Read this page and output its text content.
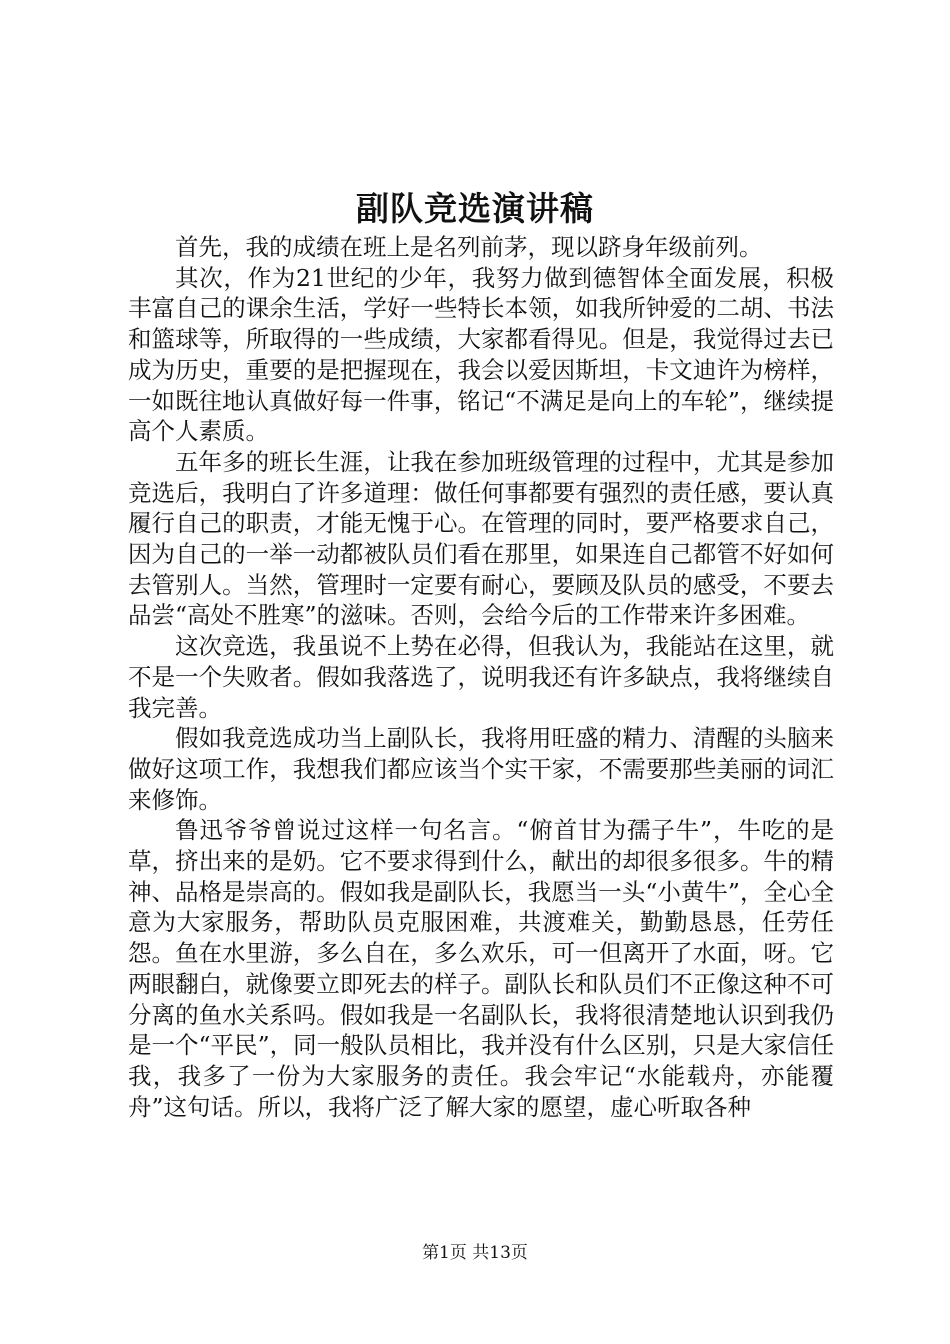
副队竞选演讲稿

首先，我的成绩在班上是名列前茅，现以跻身年级前列。

其次，作为21世纪的少年，我努力做到德智体全面发展，积极丰富自己的课余生活，学好一些特长本领，如我所钟爱的二胡、书法和篮球等，所取得的一些成绩，大家都看得见。但是，我觉得过去已成为历史，重要的是把握现在，我会以爱因斯坦，卡文迪许为榜样，一如既往地认真做好每一件事，铭记“不满足是向上的车轮”，继续提高个人素质。

五年多的班长生涯，让我在参加班级管理的过程中，尤其是参加竞选后，我明白了许多道理：做任何事都要有强烈的责任感，要认真履行自己的职责，才能无愧于心。在管理的同时，要严格要求自己，因为自己的一举一动都被队员们看在那里，如果连自己都管不好如何去管别人。当然，管理时一定要有耐心，要顾及队员的感受，不要去品尝“高处不胜寒”的滋味。否则，会给今后的工作带来许多困难。

这次竞选，我虽说不上势在必得，但我认为，我能站在这里，就不是一个失败者。假如我落选了，说明我还有许多缺点，我将继续自我完善。

假如我竞选成功当上副队长，我将用旺盛的精力、清醒的头脑来做好这项工作，我想我们都应该当个实干家，不需要那些美丽的词汇来修饰。

鲁迅爷爷曾说过这样一句名言。“俯首甘为孺子牛”，牛吃的是草，挤出来的是奶。它不要求得到什么，献出的却很多很多。牛的精神、品格是崇高的。假如我是副队长，我愿当一头“小黄牛”，全心全意为大家服务，帮助队员克服困难，共渡难关，勤勤恳恳，任劳任怨。鱼在水里游，多么自在，多么欢乐，可一但离开了水面，呀。它两眼翻白，就像要立即死去的样子。副队长和队员们不正像这种不可分离的鱼水关系吗。假如我是一名副队长，我将很清楚地认识到我仍是一个“平民”，同一般队员相比，我并没有什么区别，只是大家信任我，我多了一份为大家服务的责任。我会牢记“水能载舟，亦能覆舟”这句话。所以，我将广泛了解大家的愿望，虚心听取各种

第1页 共13页
